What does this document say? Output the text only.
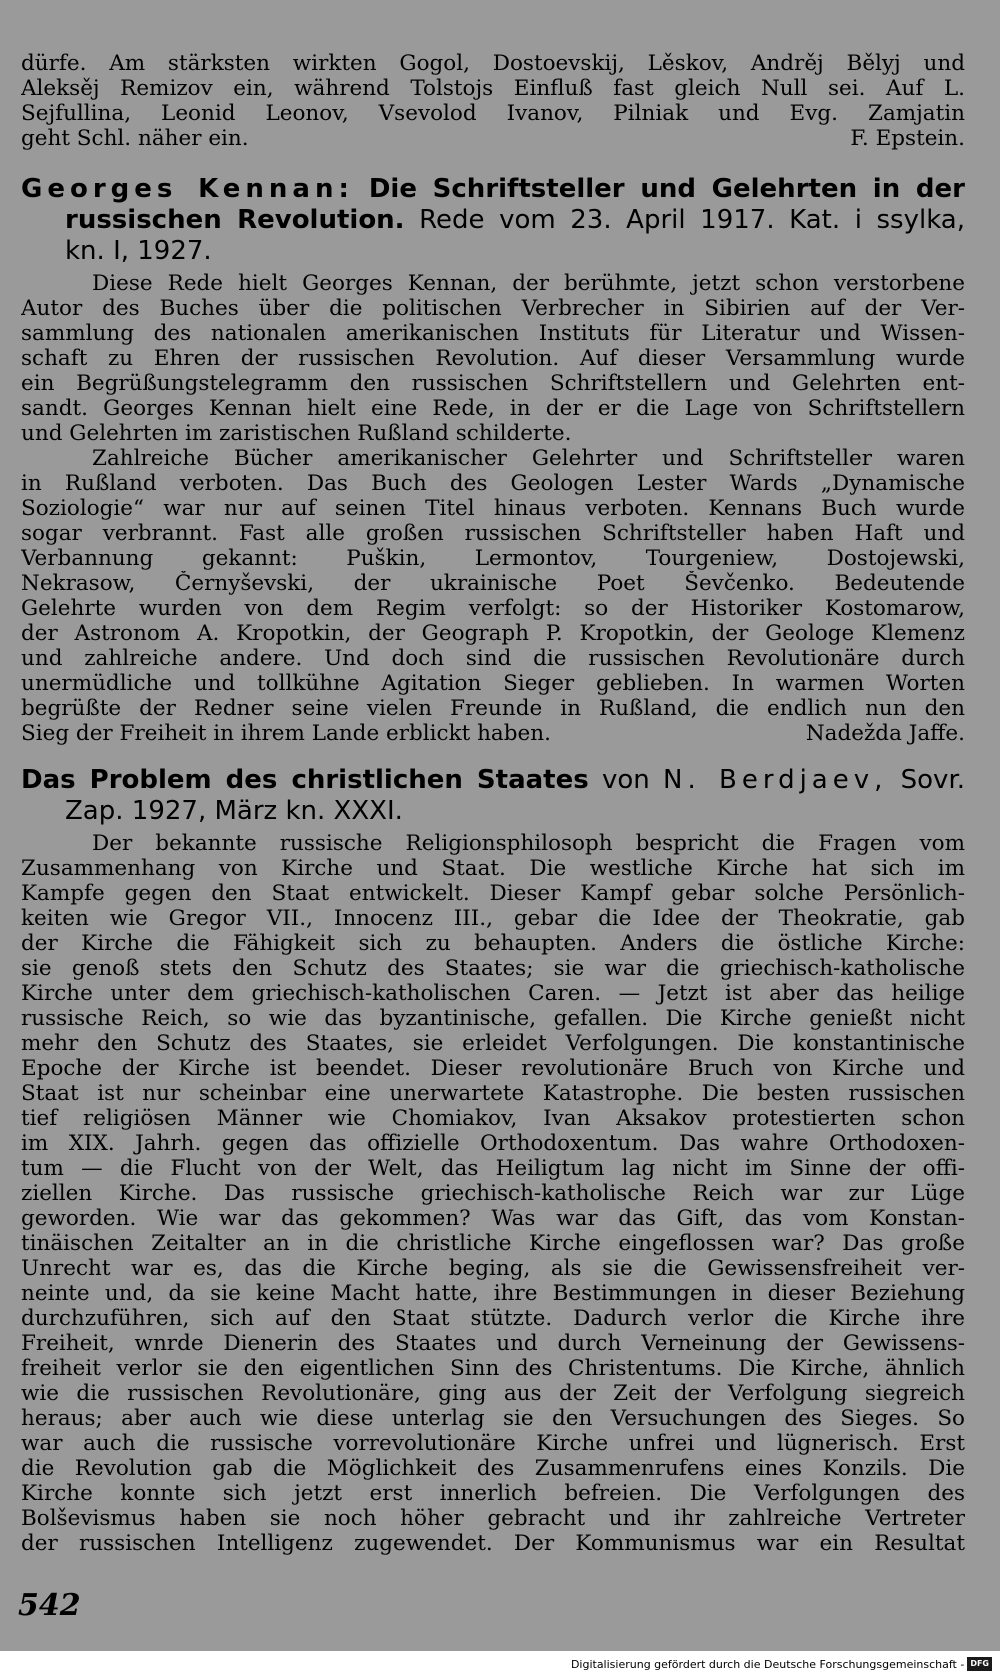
dürfe. Am stärksten wirkten Gogol, Dostoevskij, Lěskov, Andrěj Bělyj und
Aleksěj Remizov ein, während Tolstojs Einfluß fast gleich Null sei. Auf L.
Sejfullina, Leonid Leonov, Vsevolod Ivanov, Pilniak und Evg. Zamjatin
geht Schl. näher ein.	F. Epstein.
Georges Kennan: Die Schriftsteller und Gelehrten in der
russischen Revolution. Rede vom 23. April 1917. Kat. i ssylka,
kn. I, 1927.
Diese Rede hielt Georges Kennan, der berühmte, jetzt schon verstorbene
Autor des Buches über die politischen Verbrecher in Sibirien auf der Ver-
sammlung des nationalen amerikanischen Instituts für Literatur und Wissen-
schaft zu Ehren der russischen Revolution. Auf dieser Versammlung wurde
ein Begrüßungstelegramm den russischen Schriftstellern und Gelehrten ent-
sandt. Georges Kennan hielt eine Rede, in der er die Lage von Schriftstellern
und Gelehrten im zaristischen Rußland schilderte.
Zahlreiche Bücher amerikanischer Gelehrter und Schriftsteller waren
in Rußland verboten. Das Buch des Geologen Lester Wards „Dynamische
Soziologie“ war nur auf seinen Titel hinaus verboten. Kennans Buch wurde
sogar verbrannt. Fast alle großen russischen Schriftsteller haben Haft und
Verbannung gekannt: Puškin, Lermontov, Tourgeniew, Dostojewski,
Nekrasow, Černyševski, der ukrainische Poet Ševčenko. Bedeutende
Gelehrte wurden von dem Regim verfolgt: so der Historiker Kostomarow,
der Astronom A. Kropotkin, der Geograph P. Kropotkin, der Geologe Klemenz
und zahlreiche andere. Und doch sind die russischen Revolutionäre durch
unermüdliche und tollkühne Agitation Sieger geblieben. In warmen Worten
begrüßte der Redner seine vielen Freunde in Rußland, die endlich nun den
Sieg der Freiheit in ihrem Lande erblickt haben.	Nadežda Jaffe.
Das Problem des christlichen Staates von N. Berdjaev, Sovr.
Zap. 1927, März kn. XXXI.
Der bekannte russische Religionsphilosoph bespricht die Fragen vom
Zusammenhang von Kirche und Staat. Die westliche Kirche hat sich im
Kampfe gegen den Staat entwickelt. Dieser Kampf gebar solche Persönlich-
keiten wie Gregor VII., Innocenz III., gebar die Idee der Theokratie, gab
der Kirche die Fähigkeit sich zu behaupten. Anders die östliche Kirche:
sie genoß stets den Schutz des Staates; sie war die griechisch-katholische
Kirche unter dem griechisch-katholischen Caren. — Jetzt ist aber das heilige
russische Reich, so wie das byzantinische, gefallen. Die Kirche genießt nicht
mehr den Schutz des Staates, sie erleidet Verfolgungen. Die konstantinische
Epoche der Kirche ist beendet. Dieser revolutionäre Bruch von Kirche und
Staat ist nur scheinbar eine unerwartete Katastrophe. Die besten russischen
tief religiösen Männer wie Chomiakov, Ivan Aksakov protestierten schon
im XIX. Jahrh. gegen das offizielle Orthodoxentum. Das wahre Orthodoxen-
tum — die Flucht von der Welt, das Heiligtum lag nicht im Sinne der offi-
ziellen Kirche. Das russische griechisch-katholische Reich war zur Lüge
geworden. Wie war das gekommen? Was war das Gift, das vom Konstan-
tinäischen Zeitalter an in die christliche Kirche eingeflossen war? Das große
Unrecht war es, das die Kirche beging, als sie die Gewissensfreiheit ver-
neinte und, da sie keine Macht hatte, ihre Bestimmungen in dieser Beziehung
durchzuführen, sich auf den Staat stützte. Dadurch verlor die Kirche ihre
Freiheit, wnrde Dienerin des Staates und durch Verneinung der Gewissens-
freiheit verlor sie den eigentlichen Sinn des Christentums. Die Kirche, ähnlich
wie die russischen Revolutionäre, ging aus der Zeit der Verfolgung siegreich
heraus; aber auch wie diese unterlag sie den Versuchungen des Sieges. So
war auch die russische vorrevolutionäre Kirche unfrei und lügnerisch. Erst
die Revolution gab die Möglichkeit des Zusammenrufens eines Konzils. Die
Kirche konnte sich jetzt erst innerlich befreien. Die Verfolgungen des
Bolševismus haben sie noch höher gebracht und ihr zahlreiche Vertreter
der russischen Intelligenz zugewendet. Der Kommunismus war ein Resultat
542
Digitalisierung gefördert durch die Deutsche Forschungsgemeinschaft - DFG
